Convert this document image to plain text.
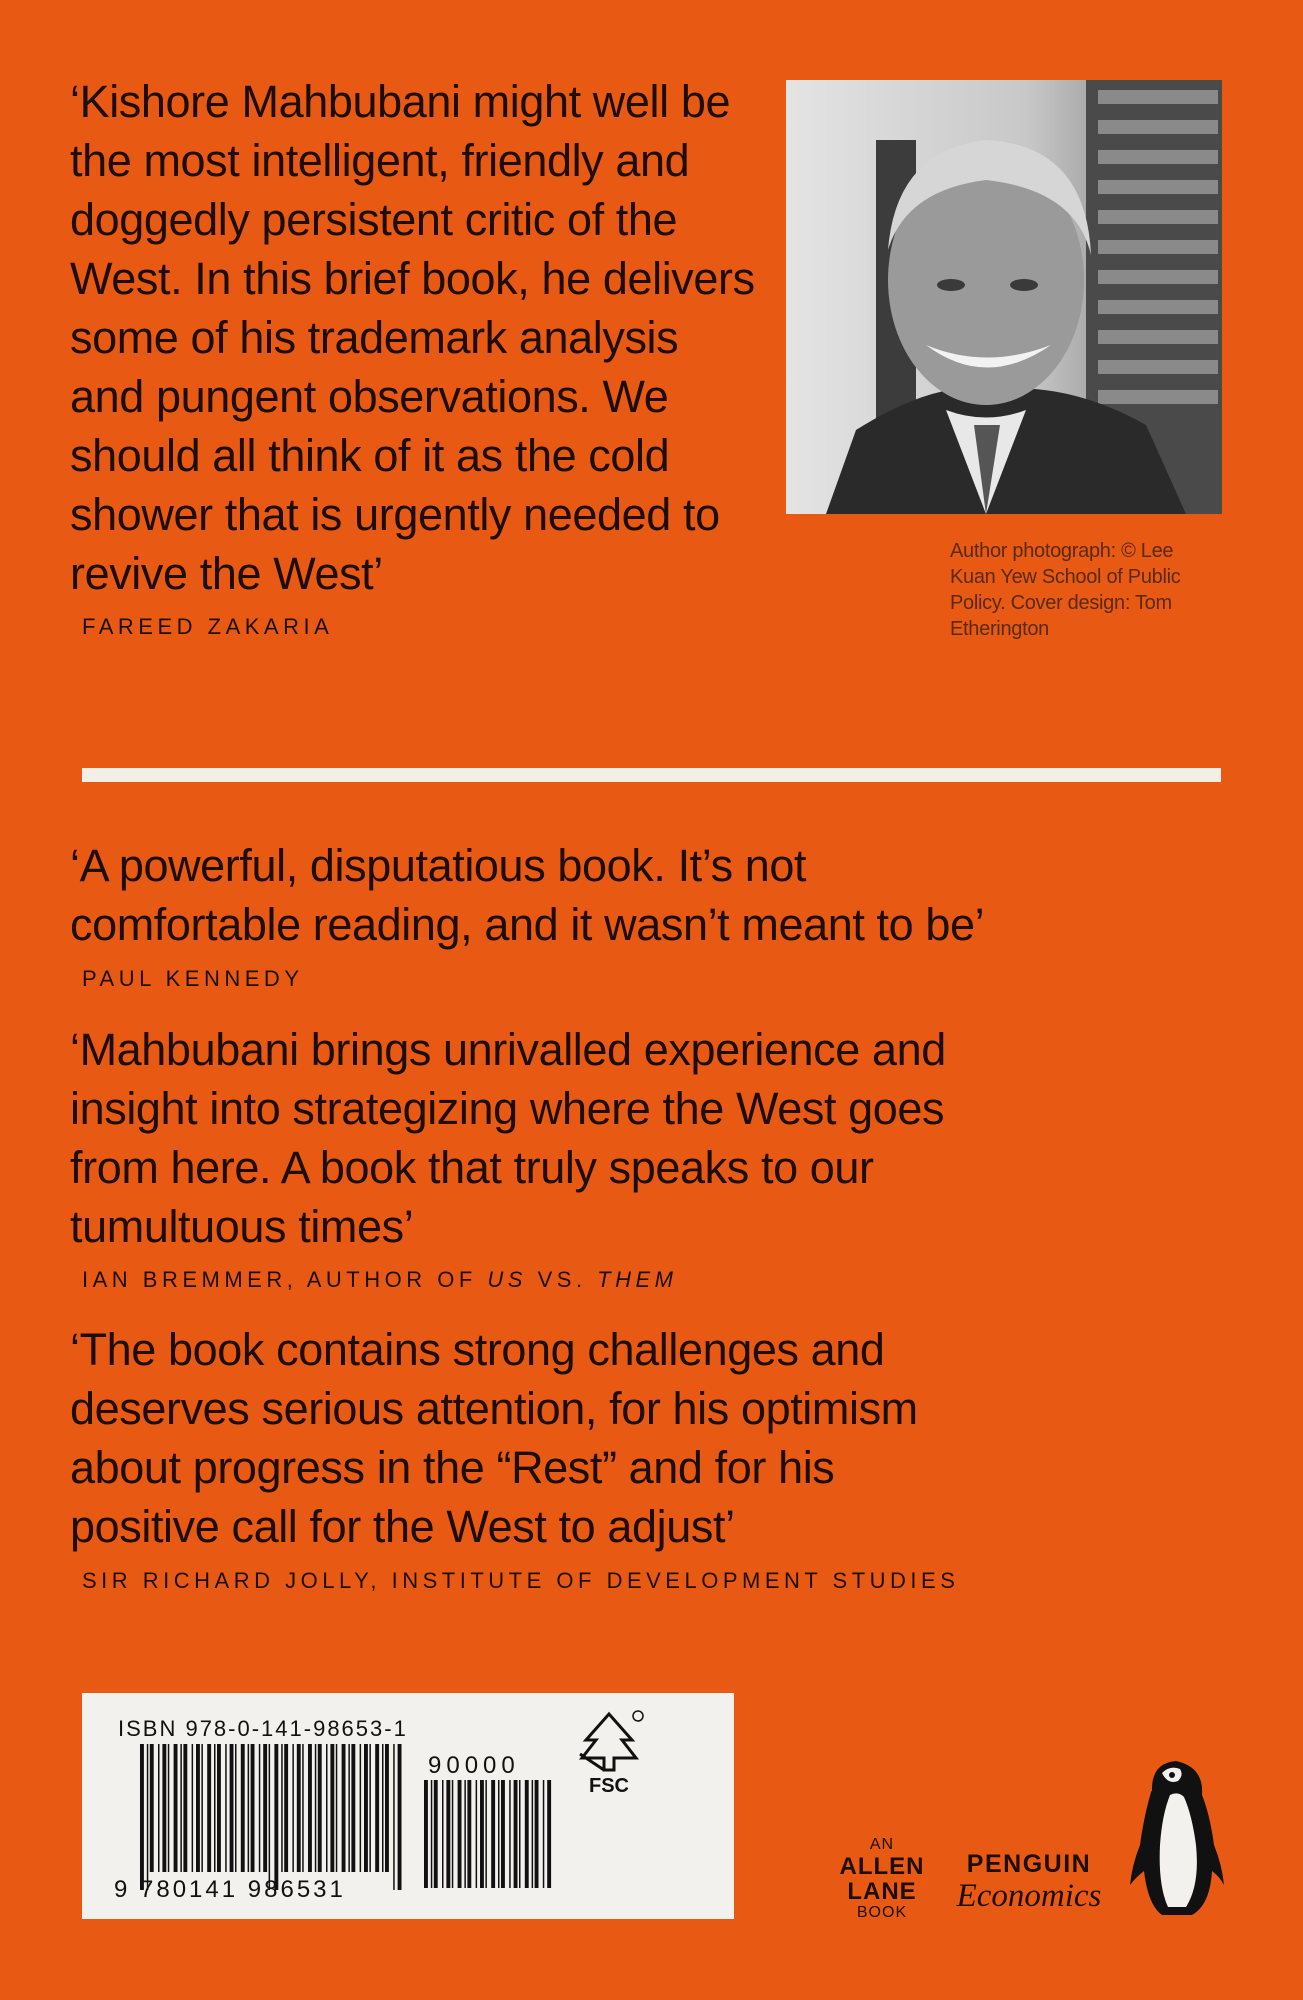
‘Kishore Mahbubani might well be
the most intelligent, friendly and
doggedly persistent critic of the
West. In this brief book, he delivers
some of his trademark analysis
and pungent observations. We
should all think of it as the cold
shower that is urgently needed to
revive the West’
FAREED ZAKARIA
Author photograph: © Lee Kuan Yew School of Public Policy. Cover design: Tom Etherington
‘A powerful, disputatious book. It’s not
comfortable reading, and it wasn’t meant to be’
PAUL KENNEDY
‘Mahbubani brings unrivalled experience and
insight into strategizing where the West goes
from here. A book that truly speaks to our
tumultuous times’
IAN BREMMER, AUTHOR OF US VS. THEM
‘The book contains strong challenges and
deserves serious attention, for his optimism
about progress in the “Rest” and for his
positive call for the West to adjust’
SIR RICHARD JOLLY, INSTITUTE OF DEVELOPMENT STUDIES
ISBN 978-0-141-98653-1
9 780141 986531
90000
FSC
AN
ALLEN
LANE
BOOK
PENGUIN
Economics
